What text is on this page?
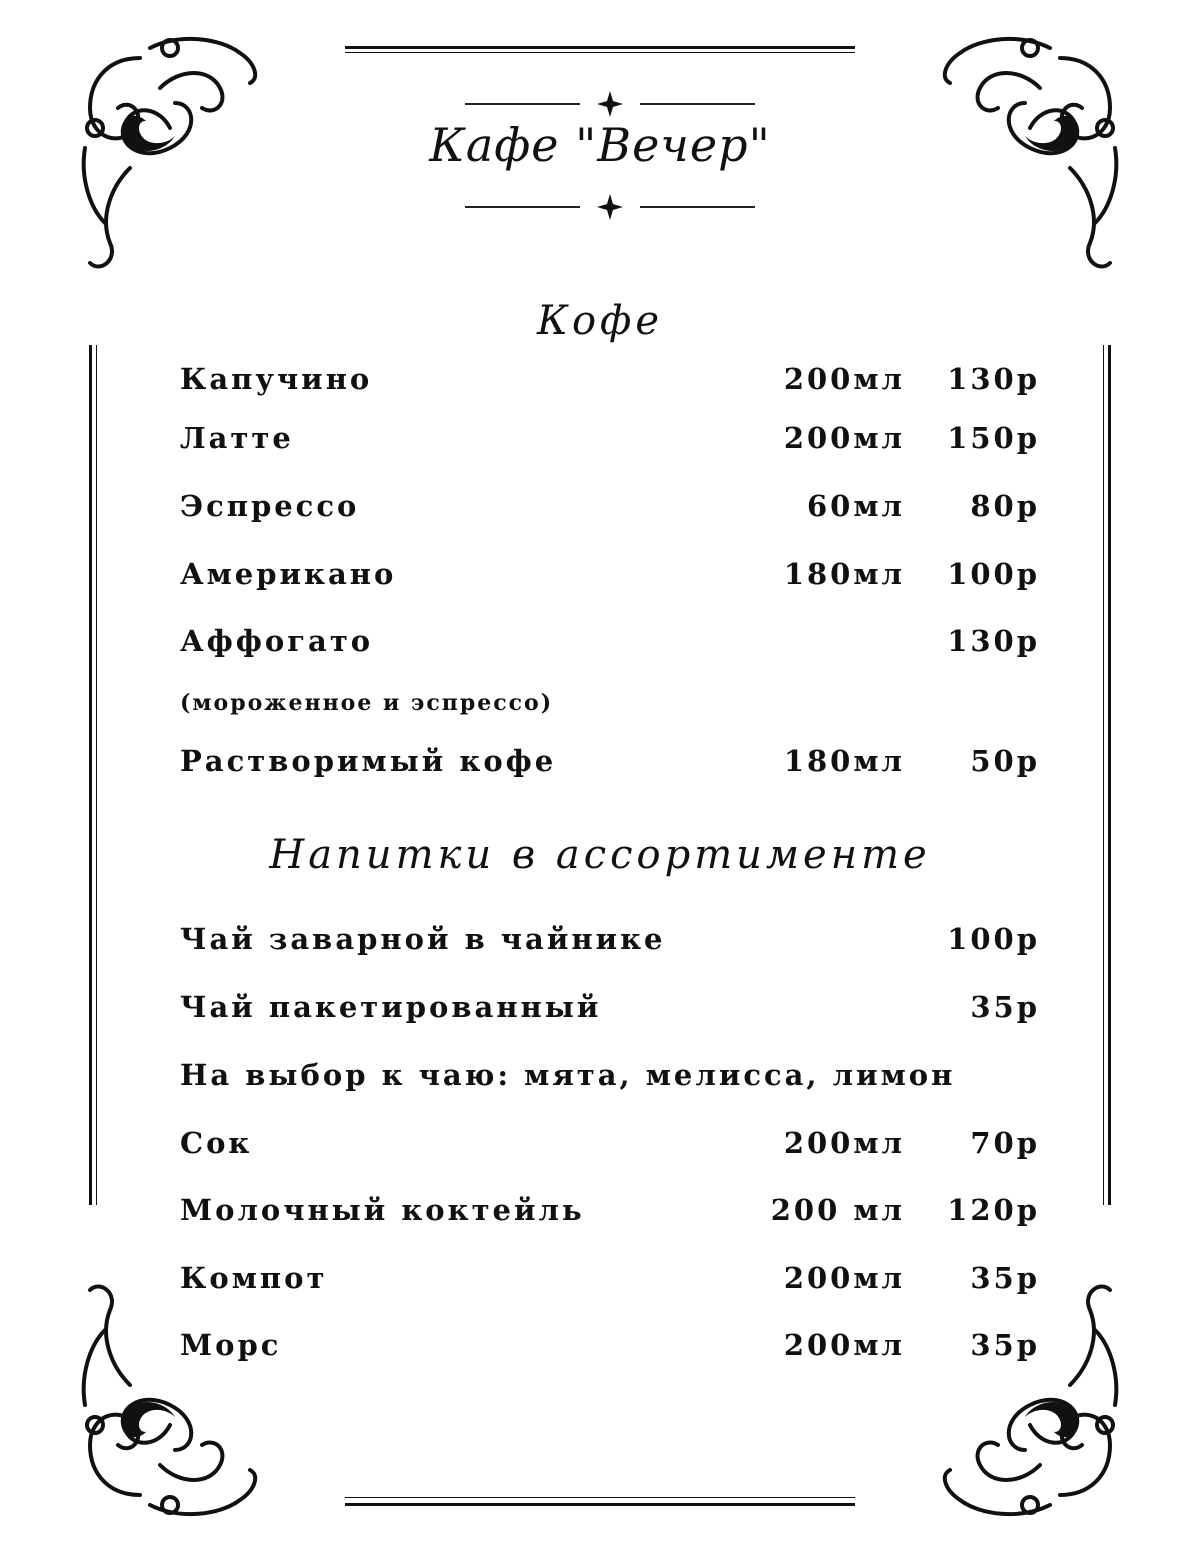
Кафе "Вечер"
Кофе
Капучино	200мл 130р
Латте	200мл 150р
Эспрессо	60мл 80р
Американо	180мл 100р
Аффогато	130р
(мороженное и эспрессо)
Растворимый кофе	180мл 50р
Напитки в ассортименте
Чай заварной в чайнике	100р
Чай пакетированный	35р
На выбор к чаю: мята, мелисса, лимон
Сок	200мл 70р
Молочный коктейль	200 мл 120р
Компот	200мл 35р
Морс	200мл 35р
